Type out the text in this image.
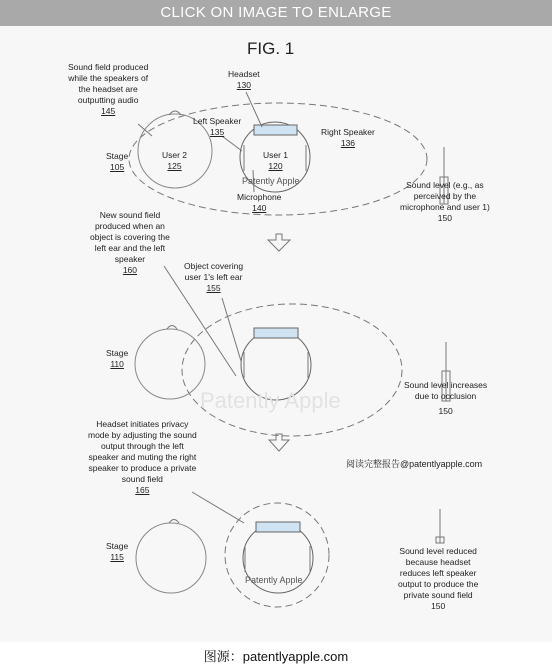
CLICK ON IMAGE TO ENLARGE
FIG. 1
Sound field produced
while the speakers of
the headset are
outputting audio
145
Headset
130
Left Speaker
135	Right Speaker
136
Stage
105
User 2
125
User 1
120
Patently Apple
Microphone
140
Sound level (e.g., as
perceived by the
microphone and user 1)
150
New sound field
produced when an
object is covering the
left ear and the left
speaker
160	Object covering
user 1's left ear
155
Stage
110
Patently Apple
Sound level increases
due to occlusion
150
Headset initiates privacy
mode by adjusting the sound
output through the left
speaker and muting the right
speaker to produce a private
sound field
165
阅读完整报告@patentlyapple.com
Stage
115
Patently Apple
Sound level reduced
because headset
reduces left speaker
output to produce the
private sound field
150
图源：patentlyapple.com
